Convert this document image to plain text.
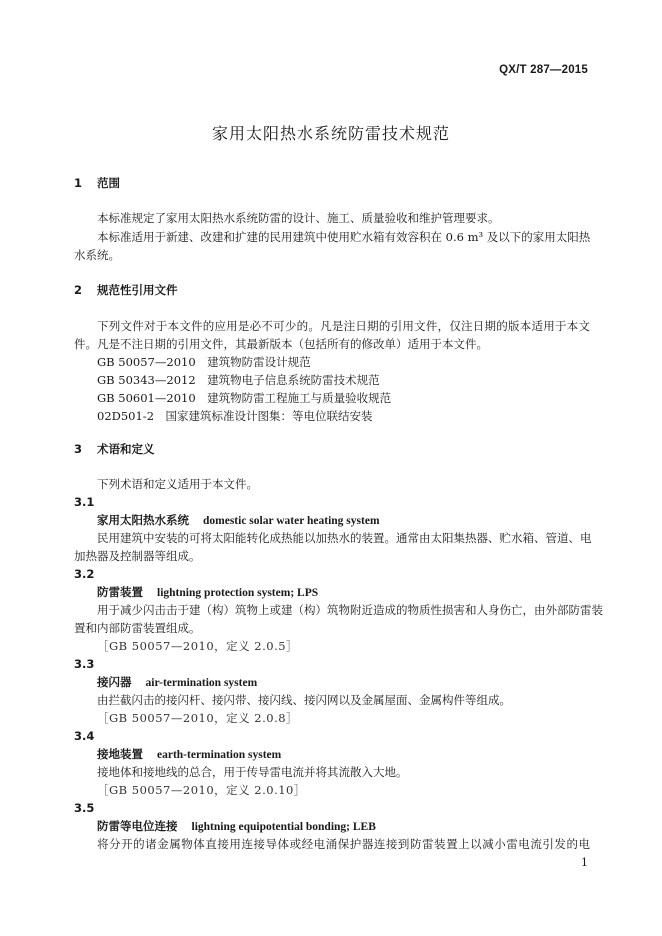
QX/T 287—2015
家用太阳热水系统防雷技术规范
1 范围
本标准规定了家用太阳热水系统防雷的设计、施工、质量验收和维护管理要求。
本标准适用于新建、改建和扩建的民用建筑中使用贮水箱有效容积在 0.6 m³ 及以下的家用太阳热
水系统。
2 规范性引用文件
下列文件对于本文件的应用是必不可少的。凡是注日期的引用文件，仅注日期的版本适用于本文
件。凡是不注日期的引用文件，其最新版本（包括所有的修改单）适用于本文件。
GB 50057—2010　建筑物防雷设计规范
GB 50343—2012　建筑物电子信息系统防雷技术规范
GB 50601—2010　建筑物防雷工程施工与质量验收规范
02D501-2　国家建筑标准设计图集：等电位联结安装
3 术语和定义
下列术语和定义适用于本文件。
3.1
家用太阳热水系统 domestic solar water heating system
民用建筑中安装的可将太阳能转化成热能以加热水的装置。通常由太阳集热器、贮水箱、管道、电
加热器及控制器等组成。
3.2
防雷装置 lightning protection system; LPS
用于减少闪击击于建（构）筑物上或建（构）筑物附近造成的物质性损害和人身伤亡，由外部防雷装
置和内部防雷装置组成。
［GB 50057—2010，定义 2.0.5］
3.3
接闪器 air-termination system
由拦截闪击的接闪杆、接闪带、接闪线、接闪网以及金属屋面、金属构件等组成。
［GB 50057—2010，定义 2.0.8］
3.4
接地装置 earth-termination system
接地体和接地线的总合，用于传导雷电流并将其流散入大地。
［GB 50057—2010，定义 2.0.10］
3.5
防雷等电位连接 lightning equipotential bonding; LEB
将分开的诸金属物体直接用连接导体或经电涌保护器连接到防雷装置上以减小雷电流引发的电
1
